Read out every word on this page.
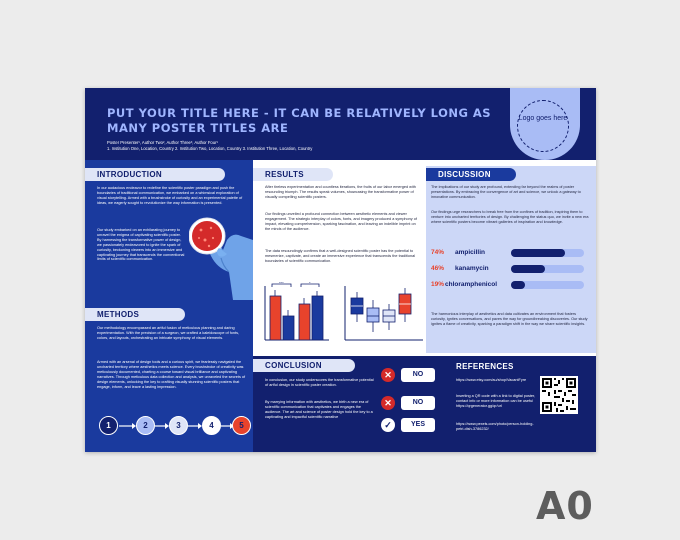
PUT YOUR TITLE HERE - IT CAN BE RELATIVELY LONG AS MANY POSTER TITLES ARE
Poster Presenter¹, Author Two², Author Three³, Author Four¹
1. Institution One, Location, Country 2. Institution Two, Location, Country 3. Institution Three, Location, Country
Logo goes here
INTRODUCTION
In our audacious endeavor to redefine the scientific poster paradigm and push the boundaries of traditional communication, we embarked on a whimsical exploration of visual storytelling. Armed with a brushstroke of curiosity and an experimental palette of ideas, we eagerly sought to revolutionize the way information is presented.
Our study embarked on an exhilarating journey to unravel the enigma of captivating scientific poster. By harnessing the transformative power of design, we passionately endeavored to ignite the spark of curiosity, beckoning viewers into an immersive and captivating journey that transcends the conventional limits of scientific communication.
METHODS
Our methodology encompassed an artful fusion of meticulous planning and daring experimentation. With the precision of a surgeon, we crafted a kaleidoscope of fonts, colors, and layouts, orchestrating an intricate symphony of visual elements.
Armed with an arsenal of design tools and a curious spirit, we fearlessly navigated the uncharted territory where aesthetics meets science. Every brushstroke of creativity was meticulously documented, charting a course toward visual brilliance and captivating narratives. Through meticulous data collection and analysis, we unraveled the secrets of design elements, unlocking the key to crafting visually stunning scientific posters that engage, inform, and leave a lasting impression.
1	2	3	4	5
RESULTS
After tireless experimentation and countless iterations, the fruits of our labor emerged with resounding triumph. The results speak volumes, showcasing the transformative power of visually compelling scientific posters.
Our findings unveiled a profound connection between aesthetic elements and viewer engagement. The strategic interplay of colors, fonts, and imagery produced a symphony of impact, elevating comprehension, sparking fascination, and leaving an indelible imprint on the minds of the audience.
The data resoundingly confirms that a well-designed scientific poster has the potential to mesmerize, captivate, and create an immersive experience that transcends the traditional boundaries of scientific communication.
***	*
DISCUSSION
The implications of our study are profound, extending far beyond the realms of poster presentations. By embracing the convergence of art and science, we unlock a gateway to innovative communication.
Our findings urge researchers to break free from the confines of tradition, inspiring them to venture into uncharted territories of design. By challenging the status quo, we invite a new era where scientific posters become vibrant galleries of inspiration and knowledge.
74% ampicillin
46% kanamycin
19% chloramphenicol
The harmonious interplay of aesthetics and data cultivates an environment that fosters curiosity, ignites conversations, and paves the way for groundbreaking discoveries. Our study ignites a flame of creativity, sparking a paradigm shift in the way we share scientific insights.
CONCLUSION
In conclusion, our study underscores the transformative potential of artful design in scientific poster creation.
By marrying information with aesthetics, we birth a new era of scientific communication that captivates and engages the audience. The art and science of poster design hold the key to a captivating and impactful scientific narrative
✕	NO
✕	NO
✓	YES
REFERENCES
https://www.etsy.com/au/shop/VacantFyre
Inserting a QR code with a link to digital poster, contact info or more information can be useful https://qrgenerator.gg/qr/url
https://www.pexels.com/photo/person-holding-petri-dish-3786232/
A0
